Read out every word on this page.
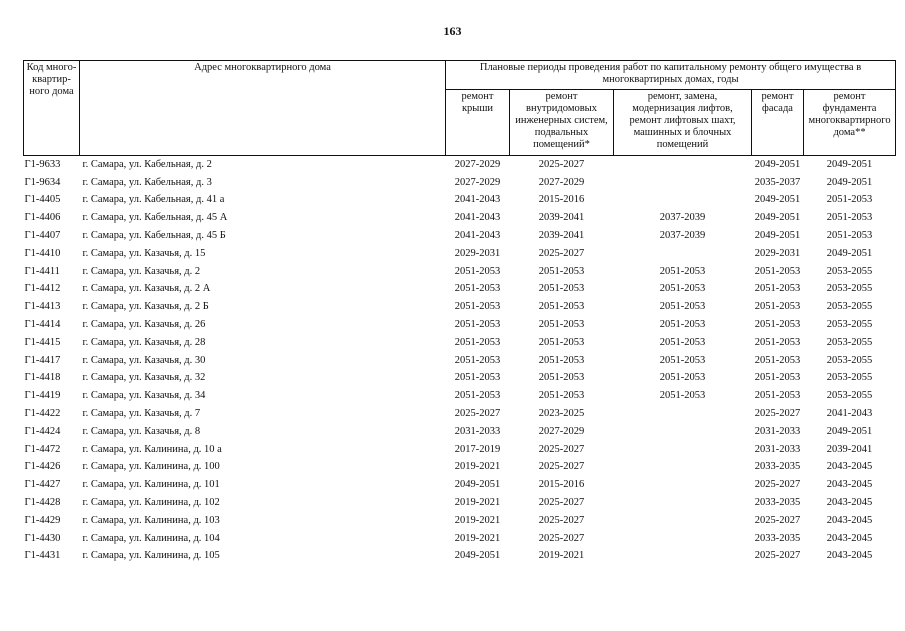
163
Код много-квартир-ного дома	Адрес многоквартирного дома	Плановые периоды проведения работ по капитальному ремонту общего имущества в многоквартирных домах, годы				
		ремонт крыши	ремонт внутридомовых инженерных систем, подвальных помещений*	ремонт, замена, модернизация лифтов, ремонт лифтовых шахт, машинных и блочных помещений	ремонт фасада	ремонт фундамента многоквартирного дома**
Г1-9633	г. Самара, ул. Кабельная, д. 2	2027-2029	2025-2027		2049-2051	2049-2051
Г1-9634	г. Самара, ул. Кабельная, д. 3	2027-2029	2027-2029		2035-2037	2049-2051
Г1-4405	г. Самара, ул. Кабельная, д. 41 а	2041-2043	2015-2016		2049-2051	2051-2053
Г1-4406	г. Самара, ул. Кабельная, д. 45 А	2041-2043	2039-2041	2037-2039	2049-2051	2051-2053
Г1-4407	г. Самара, ул. Кабельная, д. 45 Б	2041-2043	2039-2041	2037-2039	2049-2051	2051-2053
Г1-4410	г. Самара, ул. Казачья, д. 15	2029-2031	2025-2027		2029-2031	2049-2051
Г1-4411	г. Самара, ул. Казачья, д. 2	2051-2053	2051-2053	2051-2053	2051-2053	2053-2055
Г1-4412	г. Самара, ул. Казачья, д. 2 А	2051-2053	2051-2053	2051-2053	2051-2053	2053-2055
Г1-4413	г. Самара, ул. Казачья, д. 2 Б	2051-2053	2051-2053	2051-2053	2051-2053	2053-2055
Г1-4414	г. Самара, ул. Казачья, д. 26	2051-2053	2051-2053	2051-2053	2051-2053	2053-2055
Г1-4415	г. Самара, ул. Казачья, д. 28	2051-2053	2051-2053	2051-2053	2051-2053	2053-2055
Г1-4417	г. Самара, ул. Казачья, д. 30	2051-2053	2051-2053	2051-2053	2051-2053	2053-2055
Г1-4418	г. Самара, ул. Казачья, д. 32	2051-2053	2051-2053	2051-2053	2051-2053	2053-2055
Г1-4419	г. Самара, ул. Казачья, д. 34	2051-2053	2051-2053	2051-2053	2051-2053	2053-2055
Г1-4422	г. Самара, ул. Казачья, д. 7	2025-2027	2023-2025		2025-2027	2041-2043
Г1-4424	г. Самара, ул. Казачья, д. 8	2031-2033	2027-2029		2031-2033	2049-2051
Г1-4472	г. Самара, ул. Калинина, д. 10 а	2017-2019	2025-2027		2031-2033	2039-2041
Г1-4426	г. Самара, ул. Калинина, д. 100	2019-2021	2025-2027		2033-2035	2043-2045
Г1-4427	г. Самара, ул. Калинина, д. 101	2049-2051	2015-2016		2025-2027	2043-2045
Г1-4428	г. Самара, ул. Калинина, д. 102	2019-2021	2025-2027		2033-2035	2043-2045
Г1-4429	г. Самара, ул. Калинина, д. 103	2019-2021	2025-2027		2025-2027	2043-2045
Г1-4430	г. Самара, ул. Калинина, д. 104	2019-2021	2025-2027		2033-2035	2043-2045
Г1-4431	г. Самара, ул. Калинина, д. 105	2049-2051	2019-2021		2025-2027	2043-2045
